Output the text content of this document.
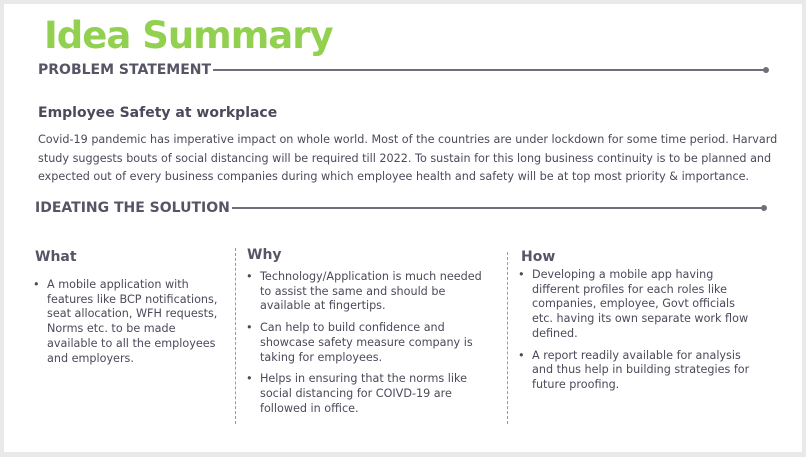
Idea Summary
PROBLEM STATEMENT
Employee Safety at workplace

Covid-19 pandemic has imperative impact on whole world. Most of the countries are under lockdown for some time period. Harvard study suggests bouts of social distancing will be required till 2022. To sustain for this long business continuity is to be planned and expected out of every business companies during which employee health and safety will be at top most priority & importance.

IDEATING THE SOLUTION
What
• A mobile application with features like BCP notifications, seat allocation, WFH requests, Norms etc. to be made available to all the employees and employers.
Why
• Technology/Application is much needed to assist the same and should be available at fingertips.
• Can help to build confidence and showcase safety measure company is taking for employees.
• Helps in ensuring that the norms like social distancing for COIVD-19 are followed in office.
How
• Developing a mobile app having different profiles for each roles like companies, employee, Govt officials etc. having its own separate work flow defined.
• A report readily available for analysis and thus help in building strategies for future proofing.
